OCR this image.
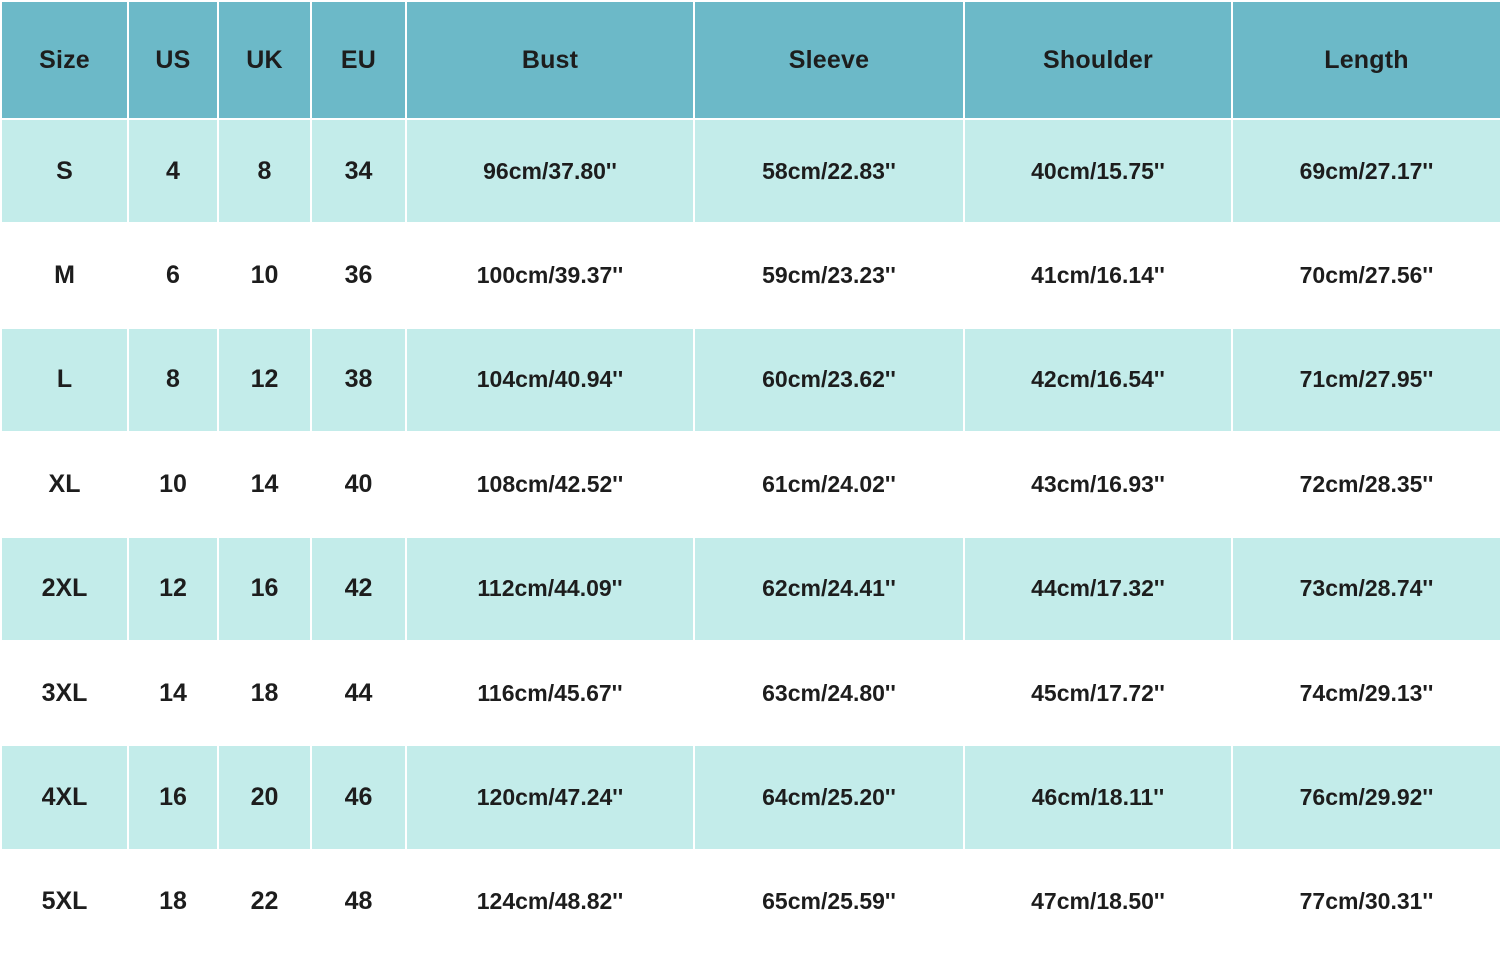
Size	US	UK	EU	Bust	Sleeve	Shoulder	Length
S	4	8	34	96cm/37.80''	58cm/22.83''	40cm/15.75''	69cm/27.17''
M	6	10	36	100cm/39.37''	59cm/23.23''	41cm/16.14''	70cm/27.56''
L	8	12	38	104cm/40.94''	60cm/23.62''	42cm/16.54''	71cm/27.95''
XL	10	14	40	108cm/42.52''	61cm/24.02''	43cm/16.93''	72cm/28.35''
2XL	12	16	42	112cm/44.09''	62cm/24.41''	44cm/17.32''	73cm/28.74''
3XL	14	18	44	116cm/45.67''	63cm/24.80''	45cm/17.72''	74cm/29.13''
4XL	16	20	46	120cm/47.24''	64cm/25.20''	46cm/18.11''	76cm/29.92''
5XL	18	22	48	124cm/48.82''	65cm/25.59''	47cm/18.50''	77cm/30.31''
